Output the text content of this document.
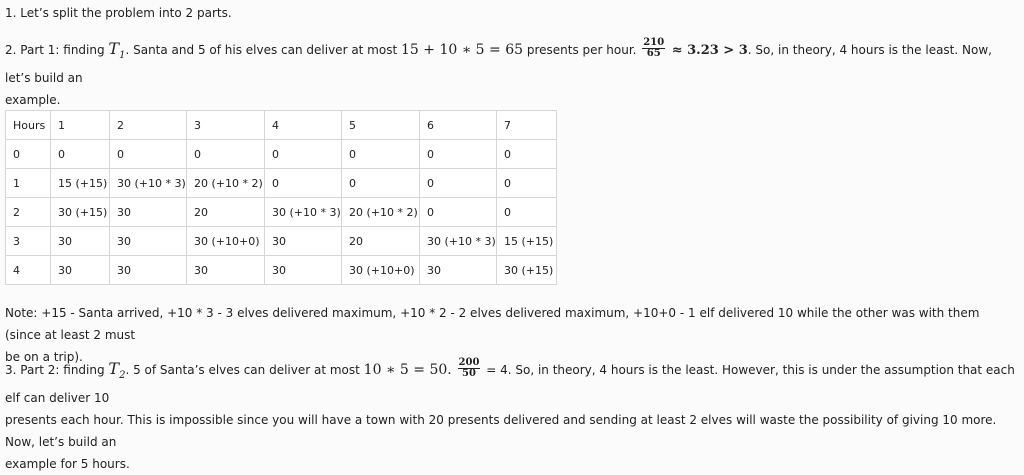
1. Let’s split the problem into 2 parts.

2. Part 1: finding $T_1$. Santa and 5 of his elves can deliver at most 15 + 10 ∗ 5 = 65 presents per hour. $\frac{210}{65} \approx 3.23 > 3$. So, in theory, 4 hours is the least. Now, let’s build an
example.

Hours	1	2	3	4	5	6	7
0	0	0	0	0	0	0	0
1	15 (+15)	30 (+10 * 3)	20 (+10 * 2)	0	0	0	0
2	30 (+15)	30	20	30 (+10 * 3)	20 (+10 * 2)	0	0
3	30	30	30 (+10+0)	30	20	30 (+10 * 3)	15 (+15)
4	30	30	30	30	30 (+10+0)	30	30 (+15)

Note: +15 - Santa arrived, +10 * 3 - 3 elves delivered maximum, +10 * 2 - 2 elves delivered maximum, +10+0 - 1 elf delivered 10 while the other was with them (since at least 2 must
be on a trip).

3. Part 2: finding $T_2$. 5 of Santa’s elves can deliver at most 10 ∗ 5 = 50. $\frac{200}{50} = 4$. So, in theory, 4 hours is the least. However, this is under the assumption that each elf can deliver 10
presents each hour. This is impossible since you will have a town with 20 presents delivered and sending at least 2 elves will waste the possibility of giving 10 more. Now, let’s build an
example for 5 hours.
